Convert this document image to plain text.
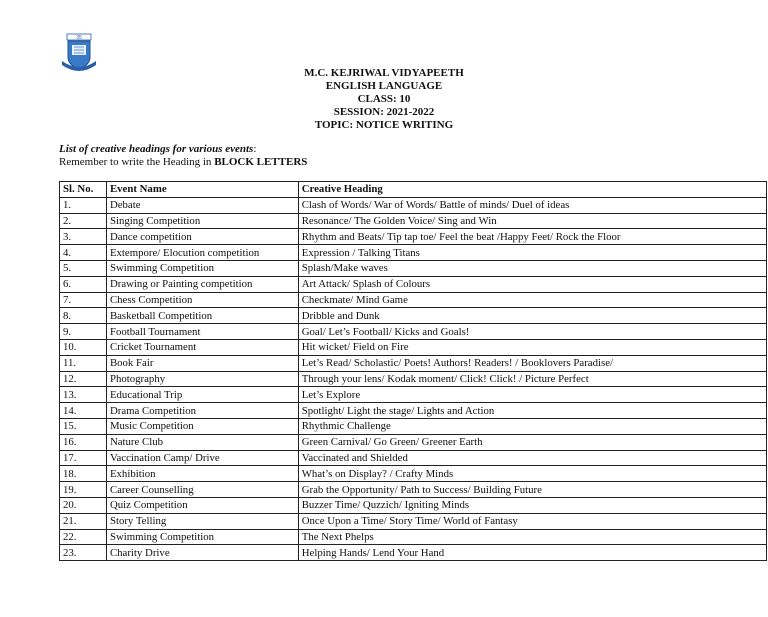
35
M.C. KEJRIWAL VIDYAPEETH
ENGLISH LANGUAGE
CLASS: 10
SESSION: 2021-2022
TOPIC: NOTICE WRITING
List of creative headings for various events:
Remember to write the Heading in BLOCK LETTERS
Sl. No.	Event Name	Creative Heading
1.	Debate	Clash of Words/ War of Words/ Battle of minds/ Duel of ideas
2.	Singing Competition	Resonance/ The Golden Voice/ Sing and Win
3.	Dance competition	Rhythm and Beats/ Tip tap toe/ Feel the beat /Happy Feet/ Rock the Floor
4.	Extempore/ Elocution competition	Expression / Talking Titans
5.	Swimming Competition	Splash/Make waves
6.	Drawing or Painting competition	Art Attack/ Splash of Colours
7.	Chess Competition	Checkmate/ Mind Game
8.	Basketball Competition	Dribble and Dunk
9.	Football Tournament	Goal/ Let’s Football/ Kicks and Goals!
10.	Cricket Tournament	Hit wicket/ Field on Fire
11.	Book Fair	Let’s Read/ Scholastic/ Poets! Authors! Readers! / Booklovers Paradise/
12.	Photography	Through your lens/ Kodak moment/ Click! Click! / Picture Perfect
13.	Educational Trip	Let’s Explore
14.	Drama Competition	Spotlight/ Light the stage/ Lights and Action
15.	Music Competition	Rhythmic Challenge
16.	Nature Club	Green Carnival/ Go Green/ Greener Earth
17.	Vaccination Camp/ Drive	Vaccinated and Shielded
18.	Exhibition	What’s on Display? / Crafty Minds
19.	Career Counselling	Grab the Opportunity/ Path to Success/ Building Future
20.	Quiz Competition	Buzzer Time/ Quzzich/ Igniting Minds
21.	Story Telling	Once Upon a Time/ Story Time/ World of Fantasy
22.	Swimming Competition	The Next Phelps
23.	Charity Drive	Helping Hands/ Lend Your Hand
